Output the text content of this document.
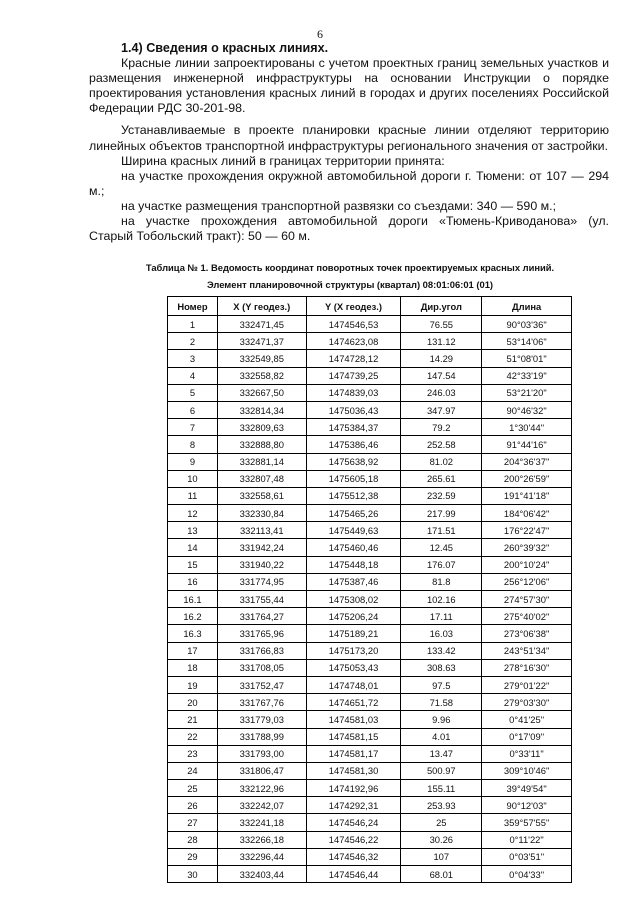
6

1.4) Сведения о красных линиях.

Красные линии запроектированы с учетом проектных границ земельных участков и размещения инженерной инфраструктуры на основании Инструкции о порядке проектирования установления красных линий в городах и других поселениях Российской Федерации РДС 30-201-98.

Устанавливаемые в проекте планировки красные линии отделяют территорию линейных объектов транспортной инфраструктуры регионального значения от застройки.

Ширина красных линий в границах территории принята:

на участке прохождения окружной автомобильной дороги г. Тюмени: от 107 — 294 м.;

на участке размещения транспортной развязки со съездами: 340 — 590 м.;

на участке прохождения автомобильной дороги «Тюмень-Криводанова» (ул. Старый Тобольский тракт): 50 — 60 м.

Таблица № 1. Ведомость координат поворотных точек проектируемых красных линий.
Элемент планировочной структуры (квартал) 08:01:06:01 (01)
Номер	X (Y геодез.)	Y (X геодез.)	Дир.угол	Длина
1	332471,45	1474546,53	76.55	90°03'36"
2	332471,37	1474623,08	131.12	53°14'06"
3	332549,85	1474728,12	14.29	51°08'01"
4	332558,82	1474739,25	147.54	42°33'19"
5	332667,50	1474839,03	246.03	53°21'20"
6	332814,34	1475036,43	347.97	90°46'32"
7	332809,63	1475384,37	79.2	1°30'44"
8	332888,80	1475386,46	252.58	91°44'16"
9	332881,14	1475638,92	81.02	204°36'37"
10	332807,48	1475605,18	265.61	200°26'59"
11	332558,61	1475512,38	232.59	191°41'18"
12	332330,84	1475465,26	217.99	184°06'42"
13	332113,41	1475449,63	171.51	176°22'47"
14	331942,24	1475460,46	12.45	260°39'32"
15	331940,22	1475448,18	176.07	200°10'24"
16	331774,95	1475387,46	81.8	256°12'06"
16.1	331755,44	1475308,02	102.16	274°57'30"
16.2	331764,27	1475206,24	17.11	275°40'02"
16.3	331765,96	1475189,21	16.03	273°06'38"
17	331766,83	1475173,20	133.42	243°51'34"
18	331708,05	1475053,43	308.63	278°16'30"
19	331752,47	1474748,01	97.5	279°01'22"
20	331767,76	1474651,72	71.58	279°03'30"
21	331779,03	1474581,03	9.96	0°41'25"
22	331788,99	1474581,15	4.01	0°17'09"
23	331793,00	1474581,17	13.47	0°33'11"
24	331806,47	1474581,30	500.97	309°10'46"
25	332122,96	1474192,96	155.11	39°49'54"
26	332242,07	1474292,31	253.93	90°12'03"
27	332241,18	1474546,24	25	359°57'55"
28	332266,18	1474546,22	30.26	0°11'22"
29	332296,44	1474546,32	107	0°03'51"
30	332403,44	1474546,44	68.01	0°04'33"
